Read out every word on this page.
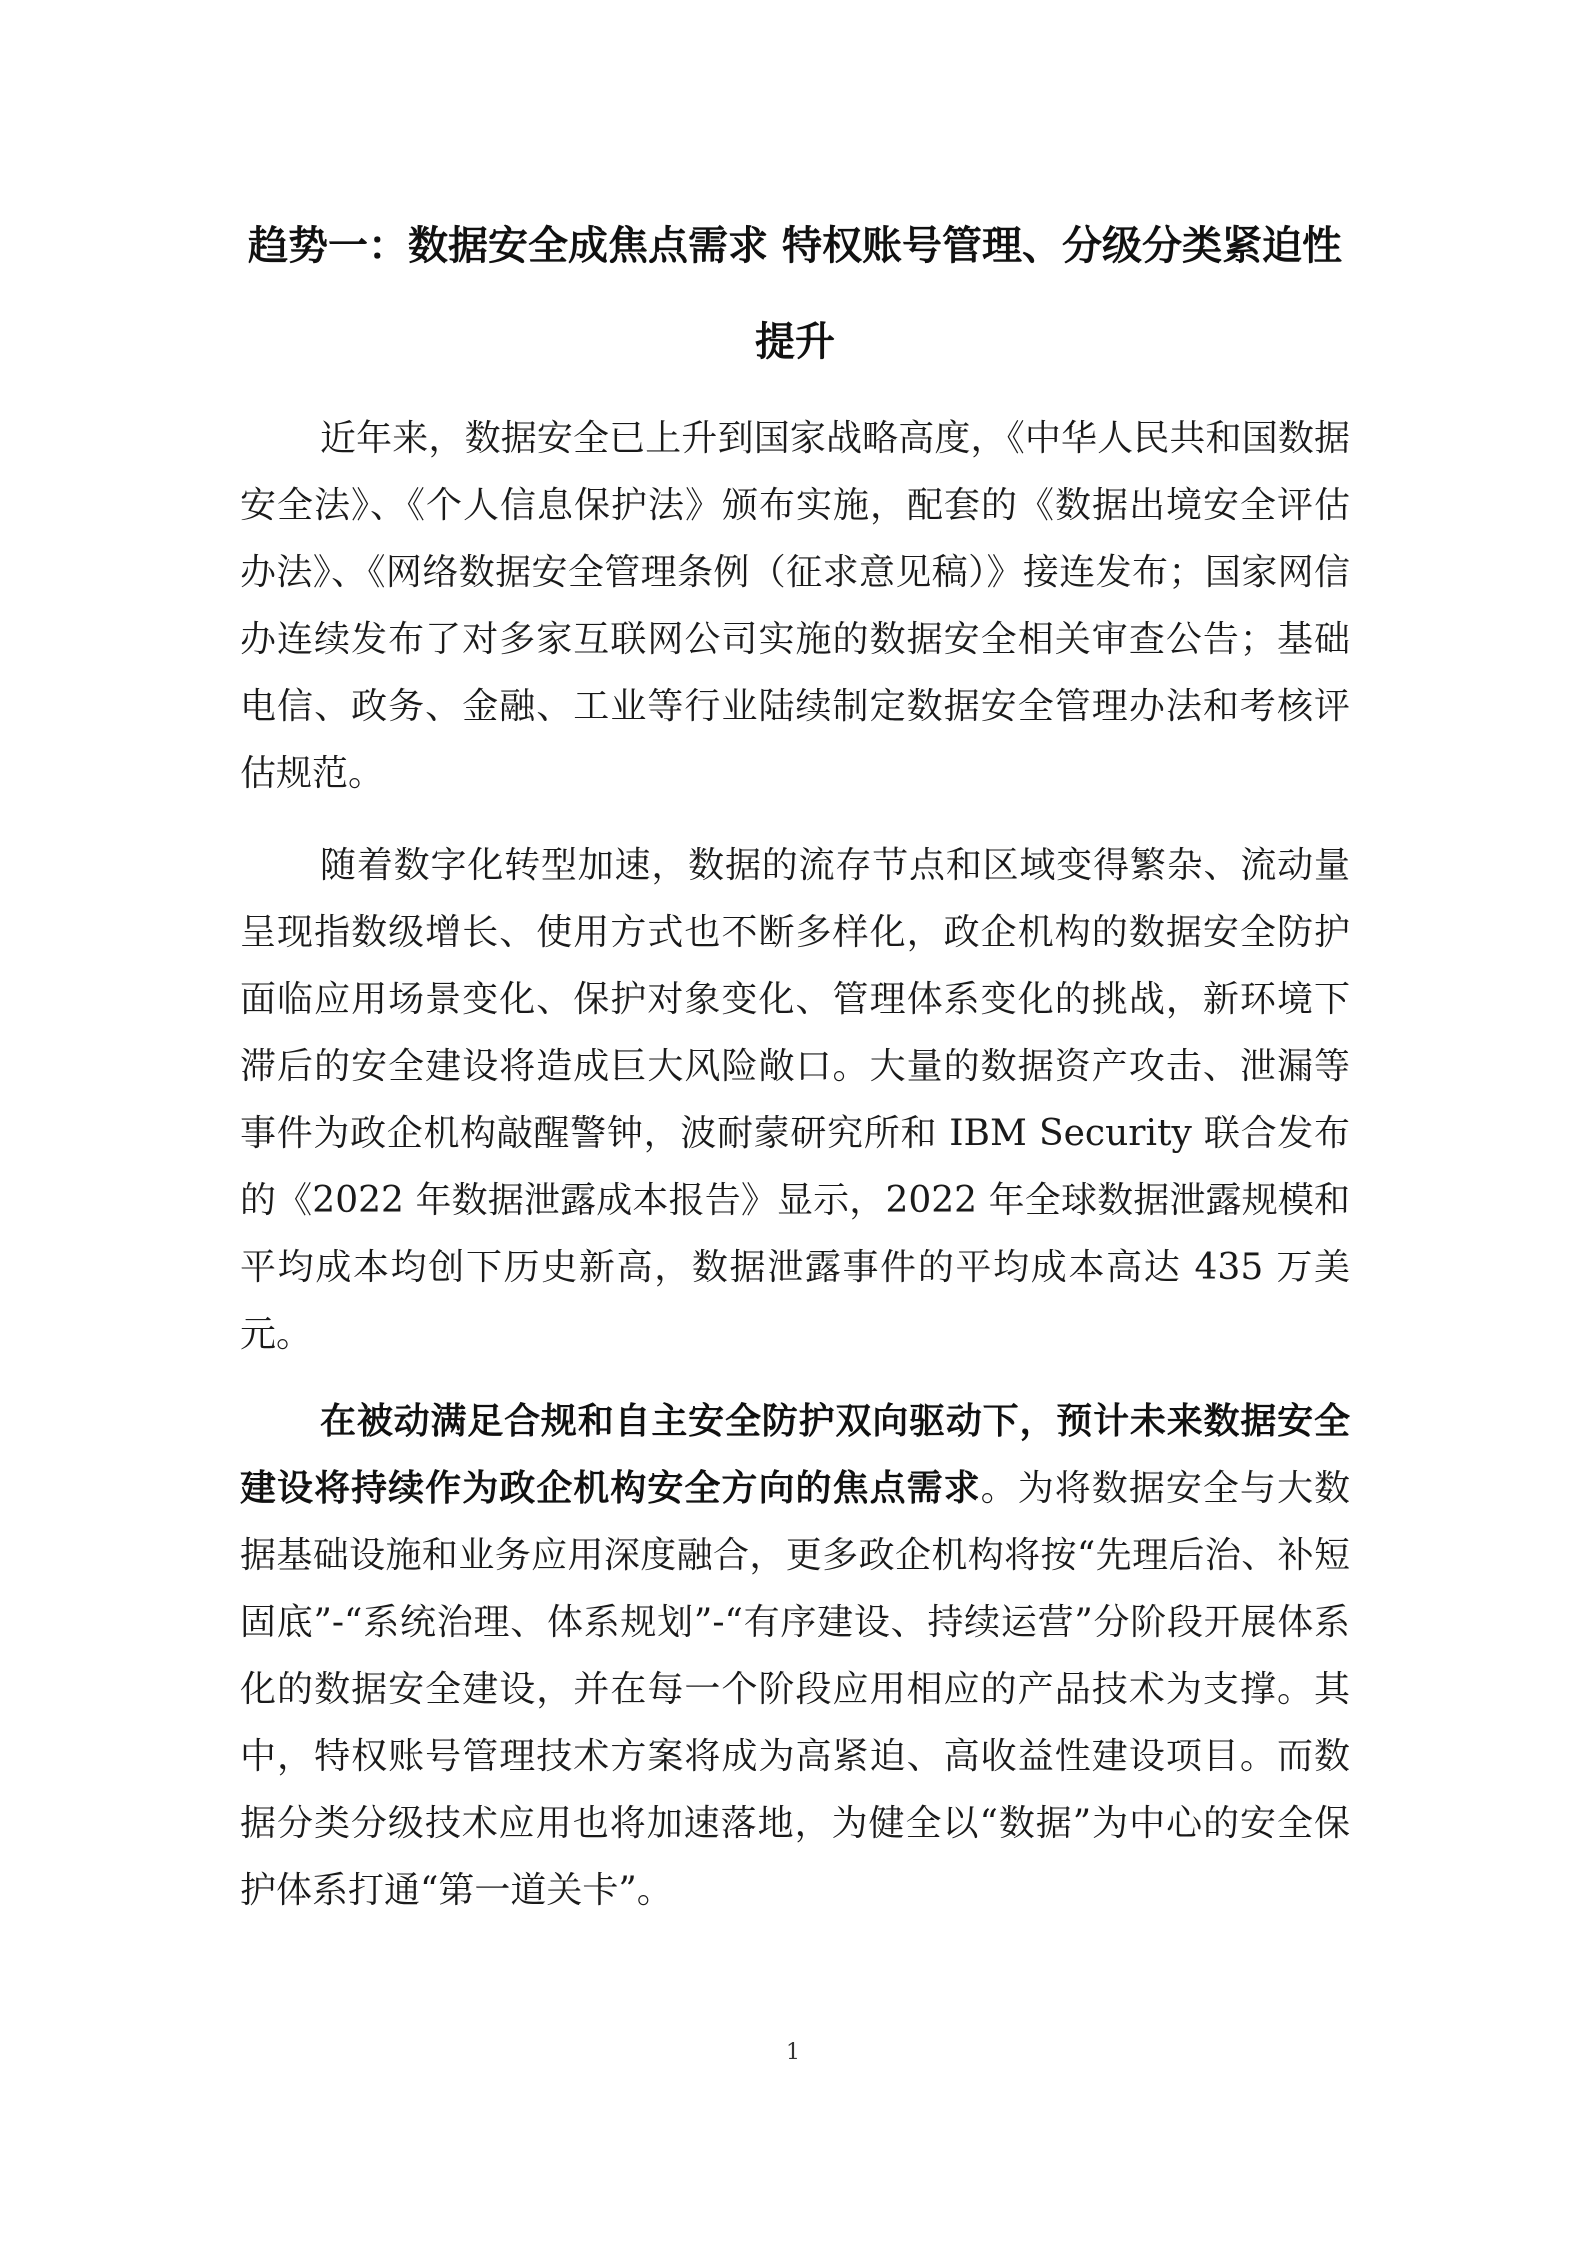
趋势一：数据安全成焦点需求 特权账号管理、分级分类紧迫性提升

近年来，数据安全已上升到国家战略高度，《中华人民共和国数据安全法》、《个人信息保护法》颁布实施，配套的《数据出境安全评估办法》、《网络数据安全管理条例（征求意见稿）》接连发布；国家网信办连续发布了对多家互联网公司实施的数据安全相关审查公告；基础电信、政务、金融、工业等行业陆续制定数据安全管理办法和考核评估规范。

随着数字化转型加速，数据的流存节点和区域变得繁杂、流动量呈现指数级增长、使用方式也不断多样化，政企机构的数据安全防护面临应用场景变化、保护对象变化、管理体系变化的挑战，新环境下滞后的安全建设将造成巨大风险敞口。大量的数据资产攻击、泄漏等事件为政企机构敲醒警钟，波耐蒙研究所和 IBM Security 联合发布的《2022 年数据泄露成本报告》显示，2022 年全球数据泄露规模和平均成本均创下历史新高，数据泄露事件的平均成本高达 435 万美元。

在被动满足合规和自主安全防护双向驱动下，预计未来数据安全建设将持续作为政企机构安全方向的焦点需求。为将数据安全与大数据基础设施和业务应用深度融合，更多政企机构将按“先理后治、补短固底”-“系统治理、体系规划”-“有序建设、持续运营”分阶段开展体系化的数据安全建设，并在每一个阶段应用相应的产品技术为支撑。其中，特权账号管理技术方案将成为高紧迫、高收益性建设项目。而数据分类分级技术应用也将加速落地，为健全以“数据”为中心的安全保护体系打通“第一道关卡”。

1
